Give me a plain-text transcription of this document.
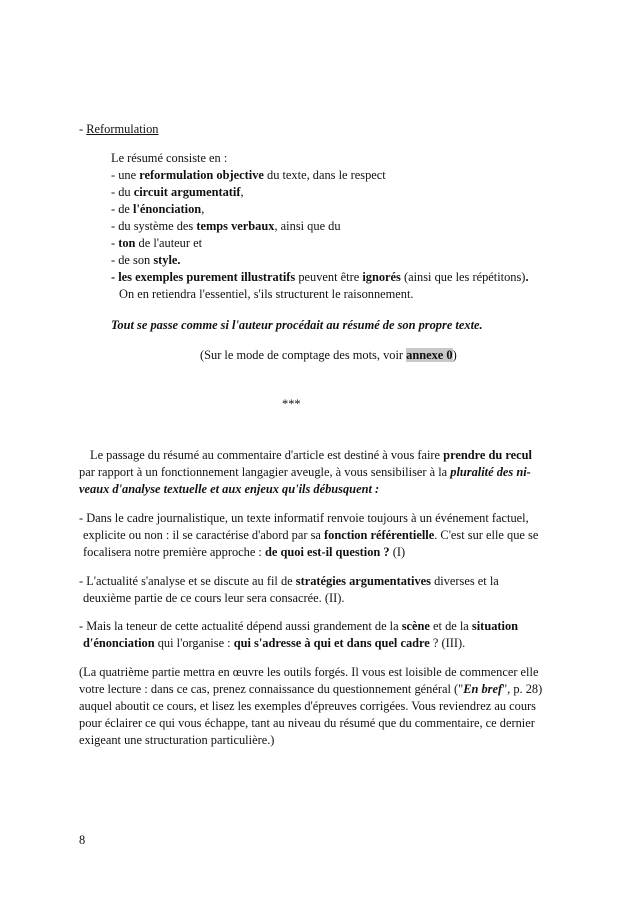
- Reformulation
Le résumé consiste en :
- une reformulation objective du texte, dans le respect
- du circuit argumentatif,
- de l'énonciation,
- du système des temps verbaux, ainsi que du
- ton de l'auteur et
- de son style.
- les exemples purement illustratifs peuvent être ignorés (ainsi que les répétitons).
On en retiendra l'essentiel, s'ils structurent le raisonnement.
Tout se passe comme si l'auteur procédait au résumé de son propre texte.
(Sur le mode de comptage des mots, voir annexe 0)
***
Le passage du résumé au commentaire d'article est destiné à vous faire prendre du recul
par rapport à un fonctionnement langagier aveugle, à vous sensibiliser à la pluralité des ni-
veaux d'analyse textuelle et aux enjeux qu'ils débusquent :
- Dans le cadre journalistique, un texte informatif renvoie toujours à un événement factuel,
explicite ou non : il se caractérise d'abord par sa fonction référentielle. C'est sur elle que se
focalisera notre première approche : de quoi est-il question ? (I)
- L'actualité s'analyse et se discute au fil de stratégies argumentatives diverses et la
deuxième partie de ce cours leur sera consacrée. (II).
- Mais la teneur de cette actualité dépend aussi grandement de la scène et de la situation
d'énonciation qui l'organise : qui s'adresse à qui et dans quel cadre ? (III).
(La quatrième partie mettra en œuvre les outils forgés. Il vous est loisible de commencer elle
votre lecture : dans ce cas, prenez connaissance du questionnement général ("En bref", p. 28)
auquel aboutit ce cours, et lisez les exemples d'épreuves corrigées. Vous reviendrez au cours
pour éclairer ce qui vous échappe, tant au niveau du résumé que du commentaire, ce dernier
exigeant une structuration particulière.)
8
